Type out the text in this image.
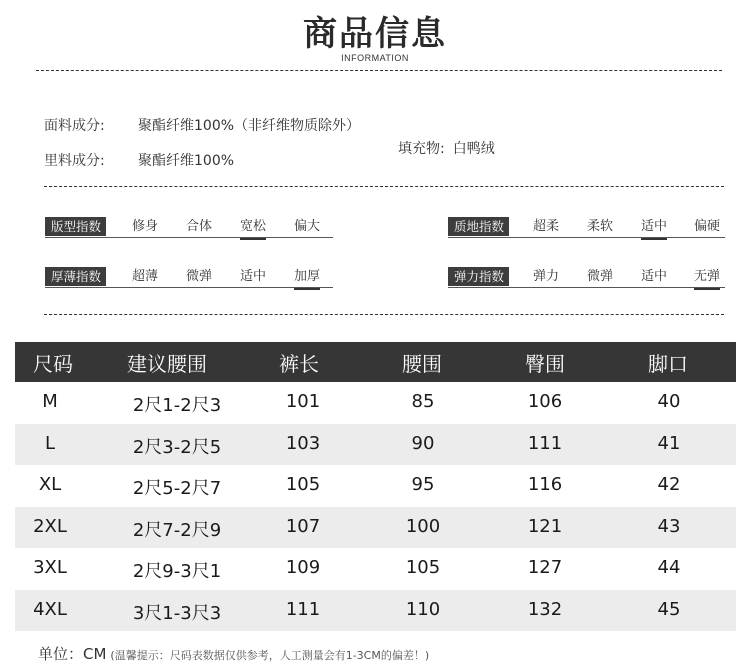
商品信息
INFORMATION
面料成分: 聚酯纤维100%（非纤维物质除外）
里料成分: 聚酯纤维100%
填充物: 白鸭绒
版型指数	修身 合体 宽松 偏大	质地指数	超柔 柔软 适中 偏硬
厚薄指数	超薄 微弹 适中 加厚	弹力指数	弹力 微弹 适中 无弹
尺码	建议腰围	裤长	腰围	臀围	脚口
M	2尺1-2尺3	101	85	106	40
L	2尺3-2尺5	103	90	111	41
XL	2尺5-2尺7	105	95	116	42
2XL	2尺7-2尺9	107	100	121	43
3XL	2尺9-3尺1	109	105	127	44
4XL	3尺1-3尺3	111	110	132	45
单位：CM (温馨提示：尺码表数据仅供参考，人工测量会有1-3CM的偏差！)
